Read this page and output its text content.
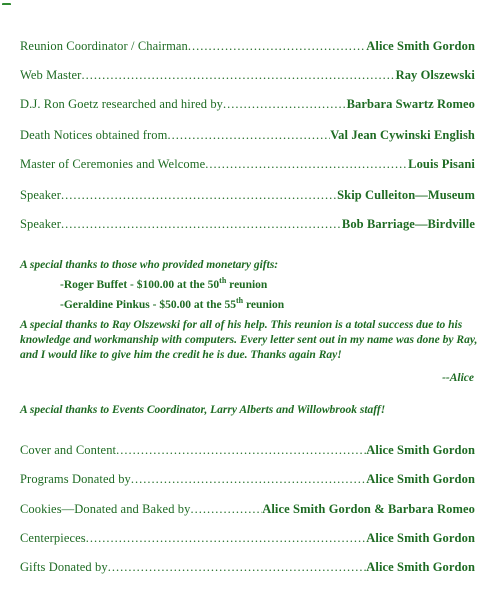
Reunion Coordinator / Chairman .....	Alice Smith Gordon
Web Master .....	Ray Olszewski
D.J. Ron Goetz researched and hired by .....	Barbara Swartz Romeo
Death Notices obtained from .....	Val Jean Cywinski English
Master of Ceremonies and Welcome .....	Louis Pisani
Speaker .....	Skip Culleiton—Museum
Speaker .....	Bob Barriage—Birdville
A special thanks to those who provided monetary gifts:
-Roger Buffet - $100.00 at the 50th reunion
-Geraldine Pinkus - $50.00 at the 55th reunion
A special thanks to Ray Olszewski for all of his help. This reunion is a total success due to his knowledge and workmanship with computers. Every letter sent out in my name was done by Ray, and I would like to give him the credit he is due. Thanks again Ray!
--Alice
A special thanks to Events Coordinator, Larry Alberts and Willowbrook staff!
Cover and Content .....	Alice Smith Gordon
Programs Donated by .....	Alice Smith Gordon
Cookies—Donated and Baked by .....	Alice Smith Gordon & Barbara Romeo
Centerpieces .....	Alice Smith Gordon
Gifts Donated by .....	Alice Smith Gordon
